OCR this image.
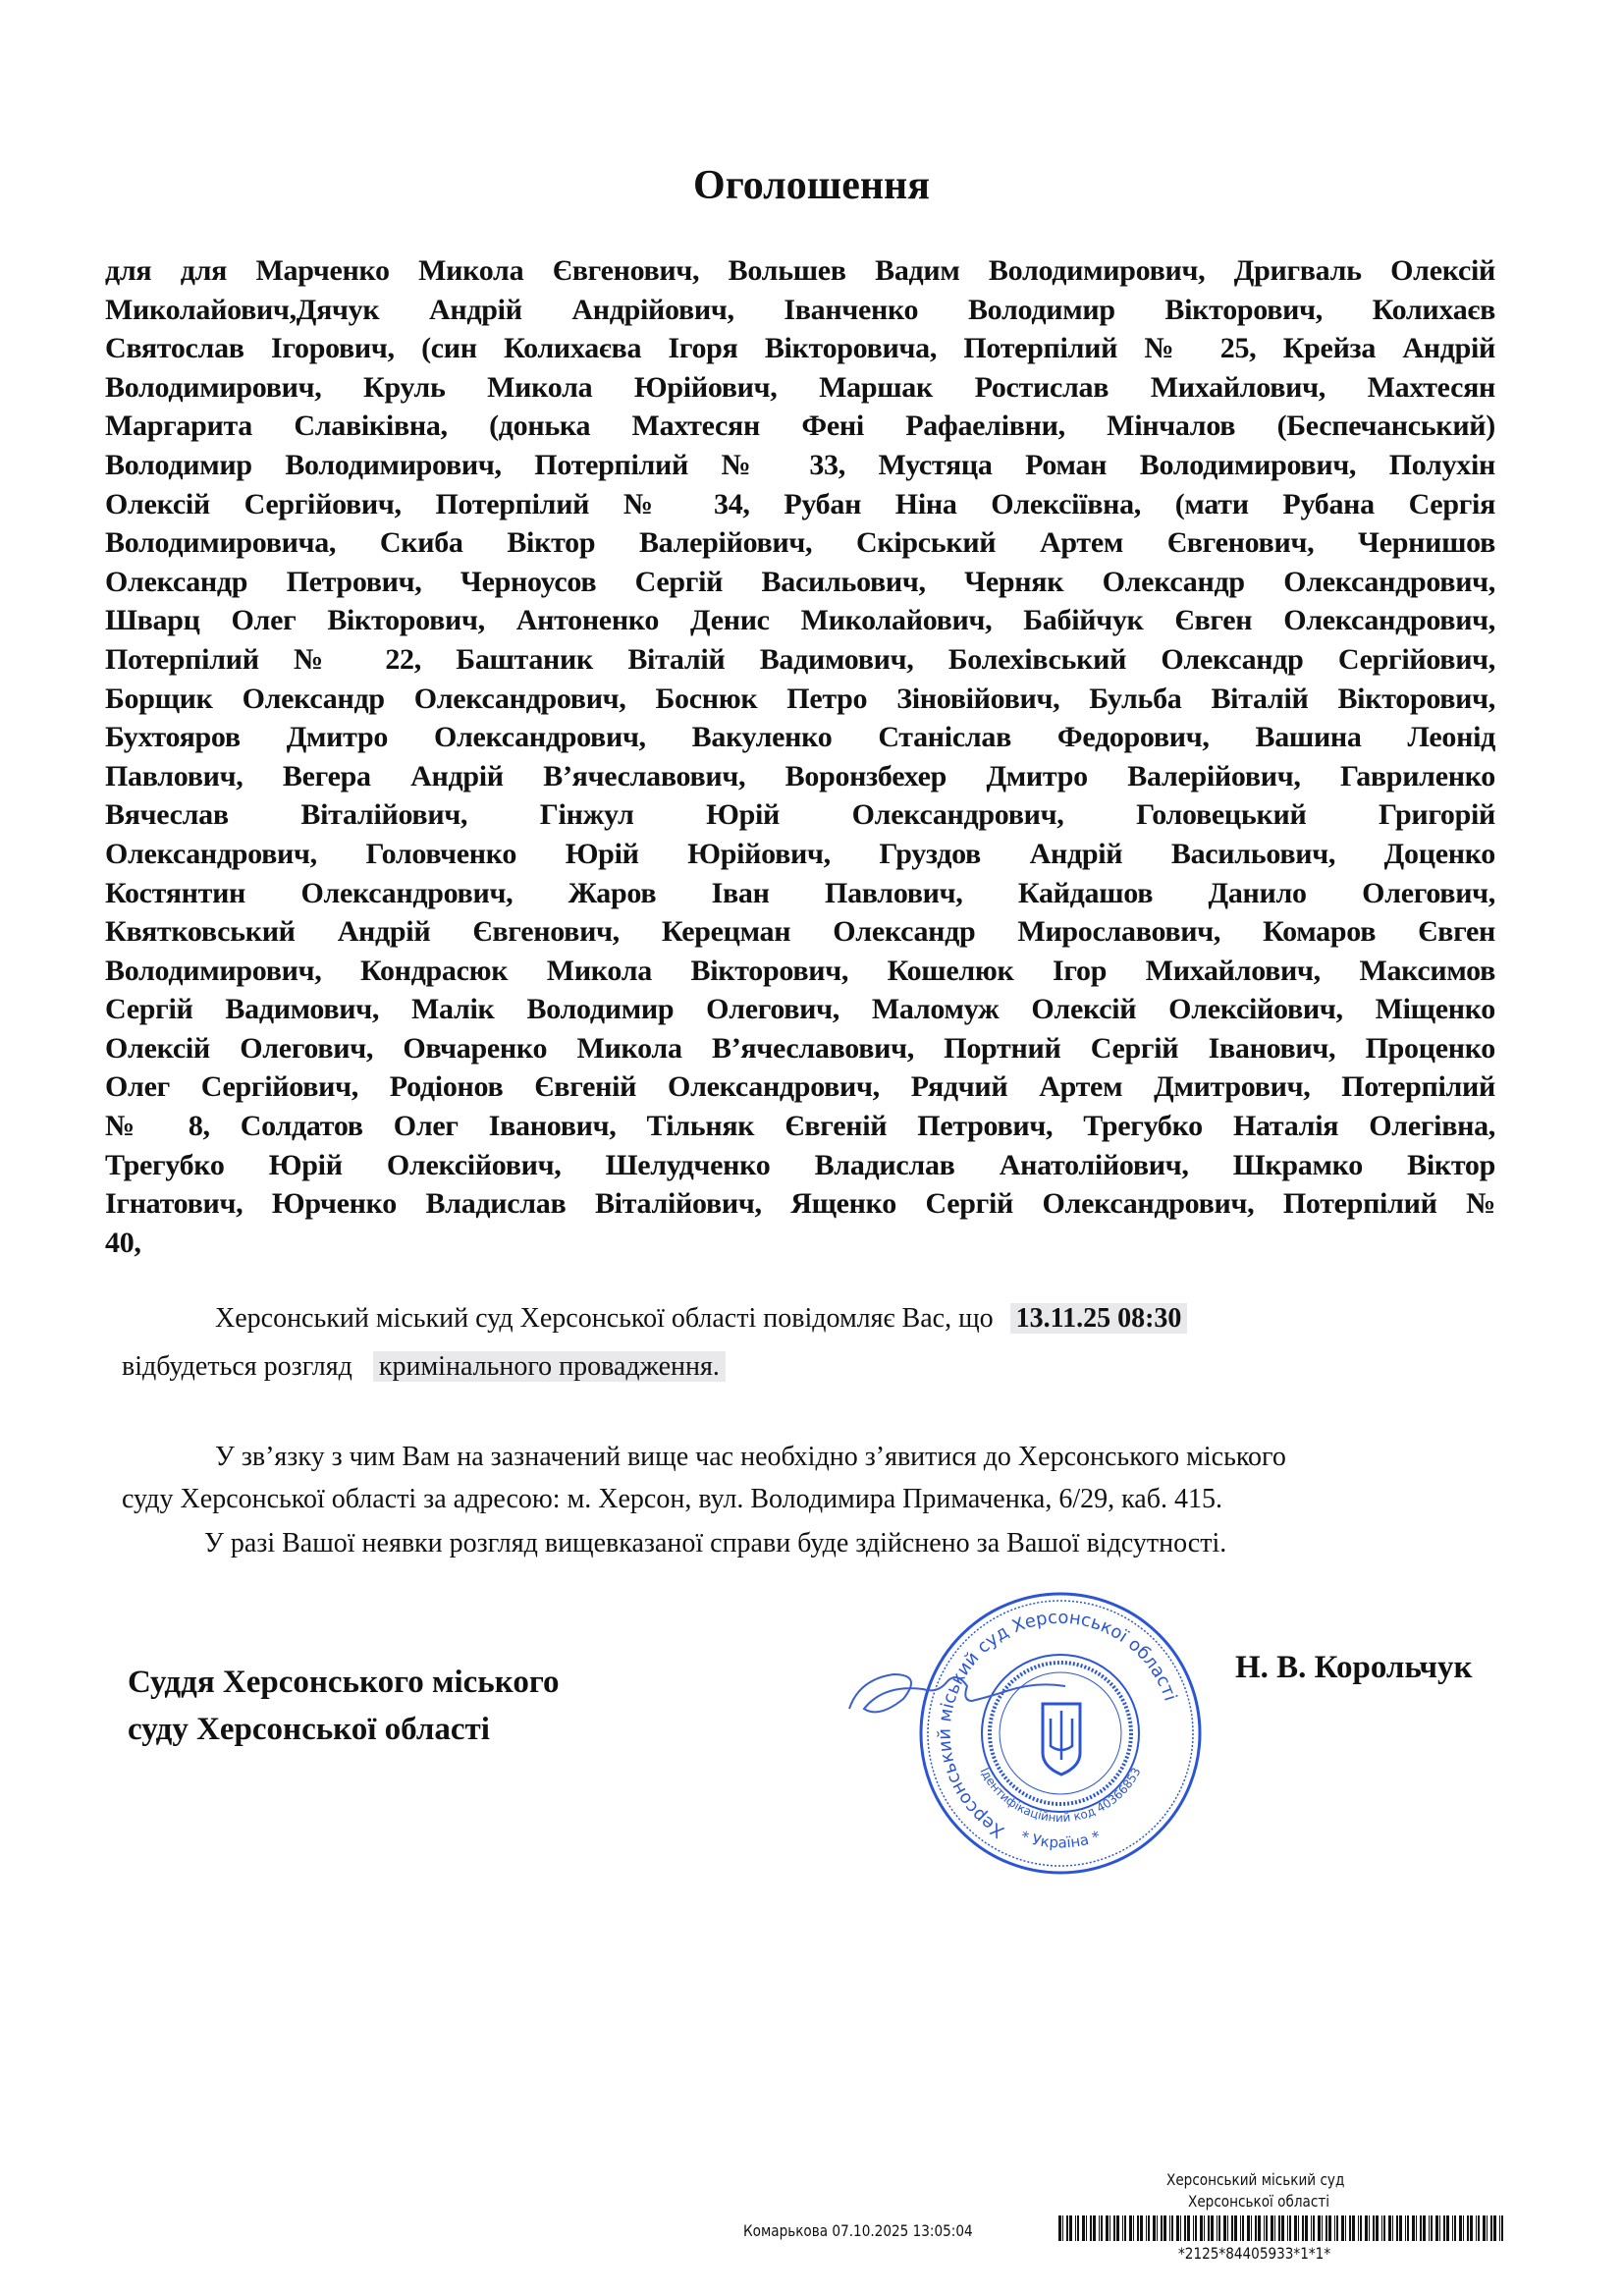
Оголошення
для для Марченко Микола Євгенович, Вольшев Вадим Володимирович, Дригваль Олексій
Миколайович,Дячук Андрій Андрійович, Іванченко Володимир Вікторович, Колихаєв
Святослав Ігорович, (син Колихаєва Ігоря Вікторовича, Потерпілий № 25, Крейза Андрій
Володимирович, Круль Микола Юрійович, Маршак Ростислав Михайлович, Махтесян
Маргарита Славіківна, (донька Махтесян Фені Рафаелівни, Мінчалов (Беспечанський)
Володимир Володимирович, Потерпілий № 33, Мустяца Роман Володимирович, Полухін
Олексій Сергійович, Потерпілий № 34, Рубан Ніна Олексіївна, (мати Рубана Сергія
Володимировича, Скиба Віктор Валерійович, Скірський Артем Євгенович, Чернишов
Олександр Петрович, Черноусов Сергій Васильович, Черняк Олександр Олександрович,
Шварц Олег Вікторович, Антоненко Денис Миколайович, Бабійчук Євген Олександрович,
Потерпілий № 22, Баштаник Віталій Вадимович, Болехівський Олександр Сергійович,
Борщик Олександр Олександрович, Боснюк Петро Зіновійович, Бульба Віталій Вікторович,
Бухтояров Дмитро Олександрович, Вакуленко Станіслав Федорович, Вашина Леонід
Павлович, Вегера Андрій В’ячеславович, Воронзбехер Дмитро Валерійович, Гавриленко
Вячеслав Віталійович, Гінжул Юрій Олександрович, Головецький Григорій
Олександрович, Головченко Юрій Юрійович, Груздов Андрій Васильович, Доценко
Костянтин Олександрович, Жаров Іван Павлович, Кайдашов Данило Олегович,
Квятковський Андрій Євгенович, Керецман Олександр Мирославович, Комаров Євген
Володимирович, Кондрасюк Микола Вікторович, Кошелюк Ігор Михайлович, Максимов
Сергій Вадимович, Малік Володимир Олегович, Маломуж Олексій Олексійович, Міщенко
Олексій Олегович, Овчаренко Микола В’ячеславович, Портний Сергій Іванович, Проценко
Олег Сергійович, Родіонов Євгеній Олександрович, Рядчий Артем Дмитрович, Потерпілий
№ 8, Солдатов Олег Іванович, Тільняк Євгеній Петрович, Трегубко Наталія Олегівна,
Трегубко Юрій Олексійович, Шелудченко Владислав Анатолійович, Шкрамко Віктор
Ігнатович, Юрченко Владислав Віталійович, Ященко Сергій Олександрович, Потерпілий №
40,
Херсонський міський суд Херсонської області повідомляє Вас, що 13.11.25 08:30
відбудеться розгляд кримінального провадження.
У зв’язку з чим Вам на зазначений вище час необхідно з’явитися до Херсонського міського
суду Херсонської області за адресою: м. Херсон, вул. Володимира Примаченка, 6/29, каб. 415.
У разі Вашої неявки розгляд вищевказаної справи буде здійснено за Вашої відсутності.
Суддя Херсонського міського
суду Херсонської області
Н. В. Корольчук
Херсонський міський суд Херсонської області
Ідентифікаційний код 40366853
* Україна *
Херсонський міський суд
Херсонської області
Комарькова 07.10.2025 13:05:04
*2125*84405933*1*1*
